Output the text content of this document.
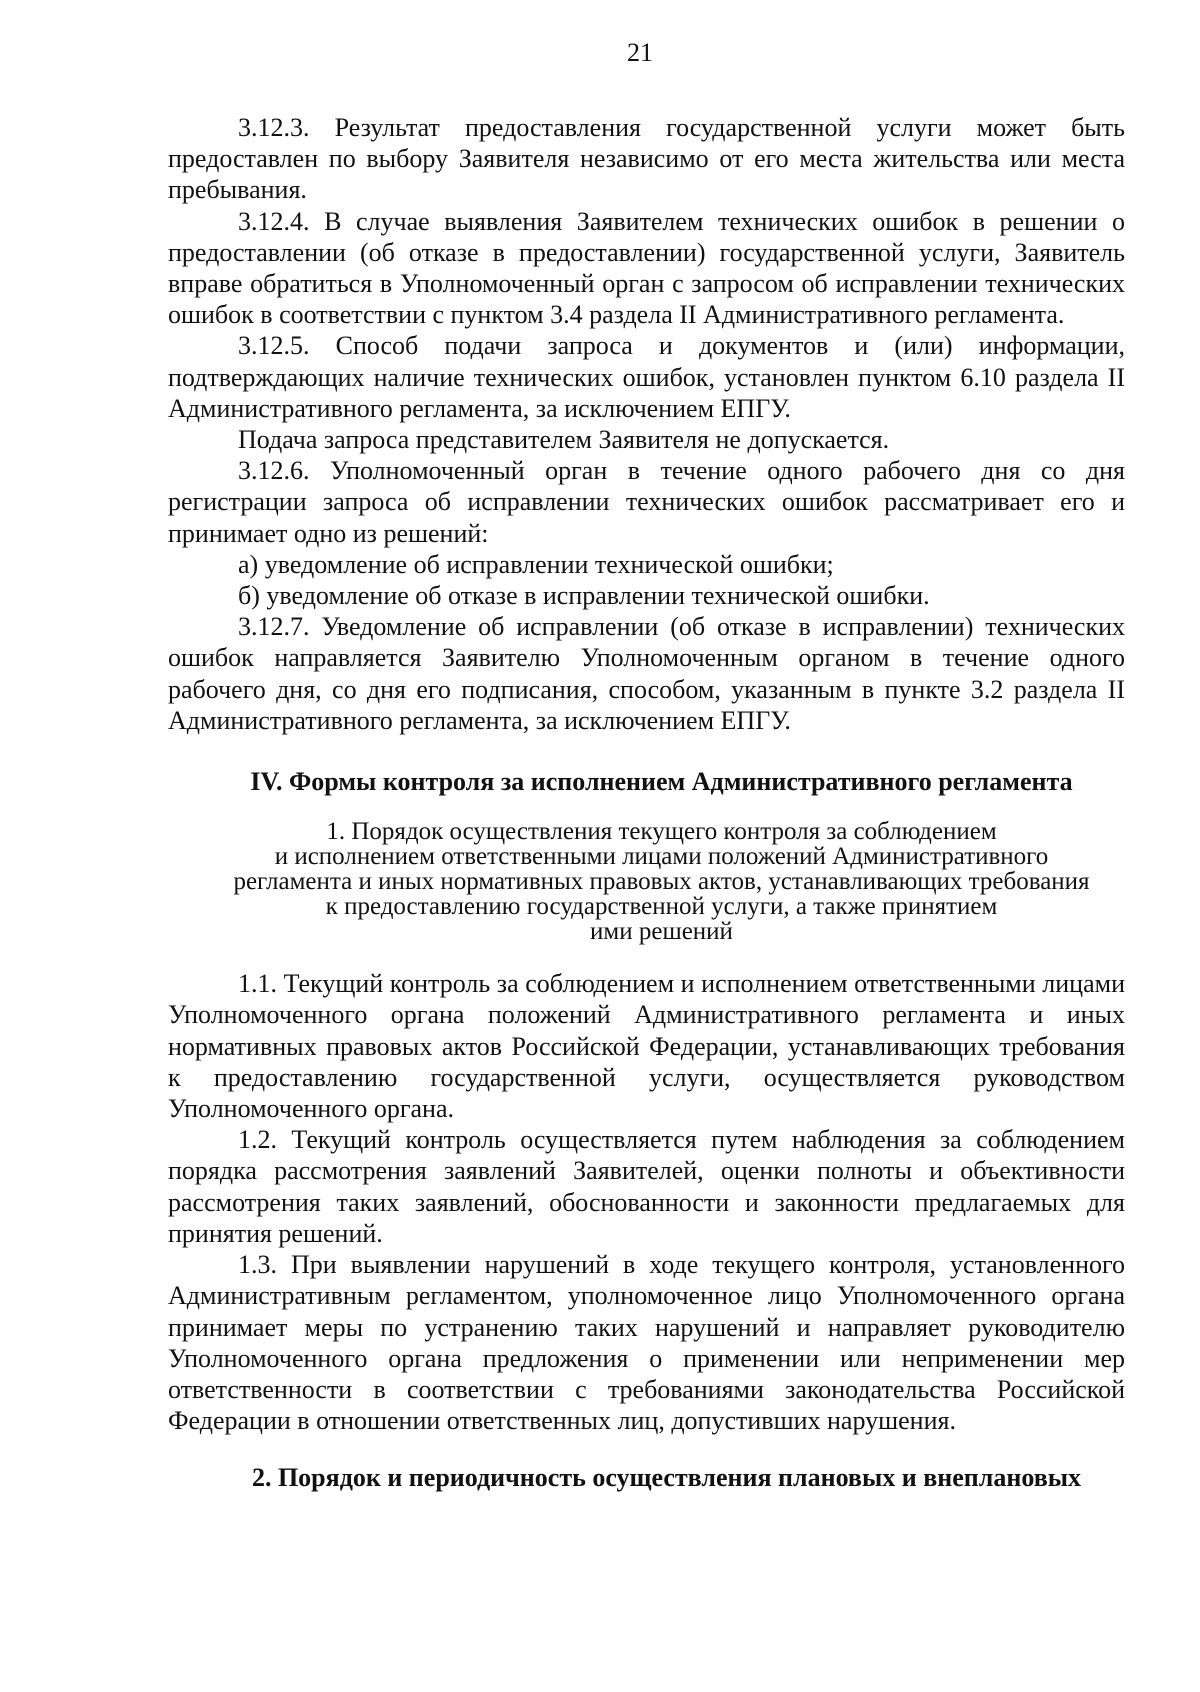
21

3.12.3. Результат предоставления государственной услуги может быть предоставлен по выбору Заявителя независимо от его места жительства или места пребывания.

3.12.4. В случае выявления Заявителем технических ошибок в решении о предоставлении (об отказе в предоставлении) государственной услуги, Заявитель вправе обратиться в Уполномоченный орган с запросом об исправлении технических ошибок в соответствии с пунктом 3.4 раздела II Административного регламента.

3.12.5. Способ подачи запроса и документов и (или) информации, подтверждающих наличие технических ошибок, установлен пунктом 6.10 раздела II Административного регламента, за исключением ЕПГУ.

Подача запроса представителем Заявителя не допускается.

3.12.6. Уполномоченный орган в течение одного рабочего дня со дня регистрации запроса об исправлении технических ошибок рассматривает его и принимает одно из решений:

а) уведомление об исправлении технической ошибки;

б) уведомление об отказе в исправлении технической ошибки.

3.12.7. Уведомление об исправлении (об отказе в исправлении) технических ошибок направляется Заявителю Уполномоченным органом в течение одного рабочего дня, со дня его подписания, способом, указанным в пункте 3.2 раздела II Административного регламента, за исключением ЕПГУ.

IV. Формы контроля за исполнением Административного регламента
1. Порядок осуществления текущего контроля за соблюдением
и исполнением ответственными лицами положений Административного
регламента и иных нормативных правовых актов, устанавливающих требования
к предоставлению государственной услуги, а также принятием
ими решений

1.1. Текущий контроль за соблюдением и исполнением ответственными лицами Уполномоченного органа положений Административного регламента и иных нормативных правовых актов Российской Федерации, устанавливающих требования к предоставлению государственной услуги, осуществляется руководством Уполномоченного органа.

1.2. Текущий контроль осуществляется путем наблюдения за соблюдением порядка рассмотрения заявлений Заявителей, оценки полноты и объективности рассмотрения таких заявлений, обоснованности и законности предлагаемых для принятия решений.

1.3. При выявлении нарушений в ходе текущего контроля, установленного Административным регламентом, уполномоченное лицо Уполномоченного органа принимает меры по устранению таких нарушений и направляет руководителю Уполномоченного органа предложения о применении или неприменении мер ответственности в соответствии с требованиями законодательства Российской Федерации в отношении ответственных лиц, допустивших нарушения.

2. Порядок и периодичность осуществления плановых и внеплановых
